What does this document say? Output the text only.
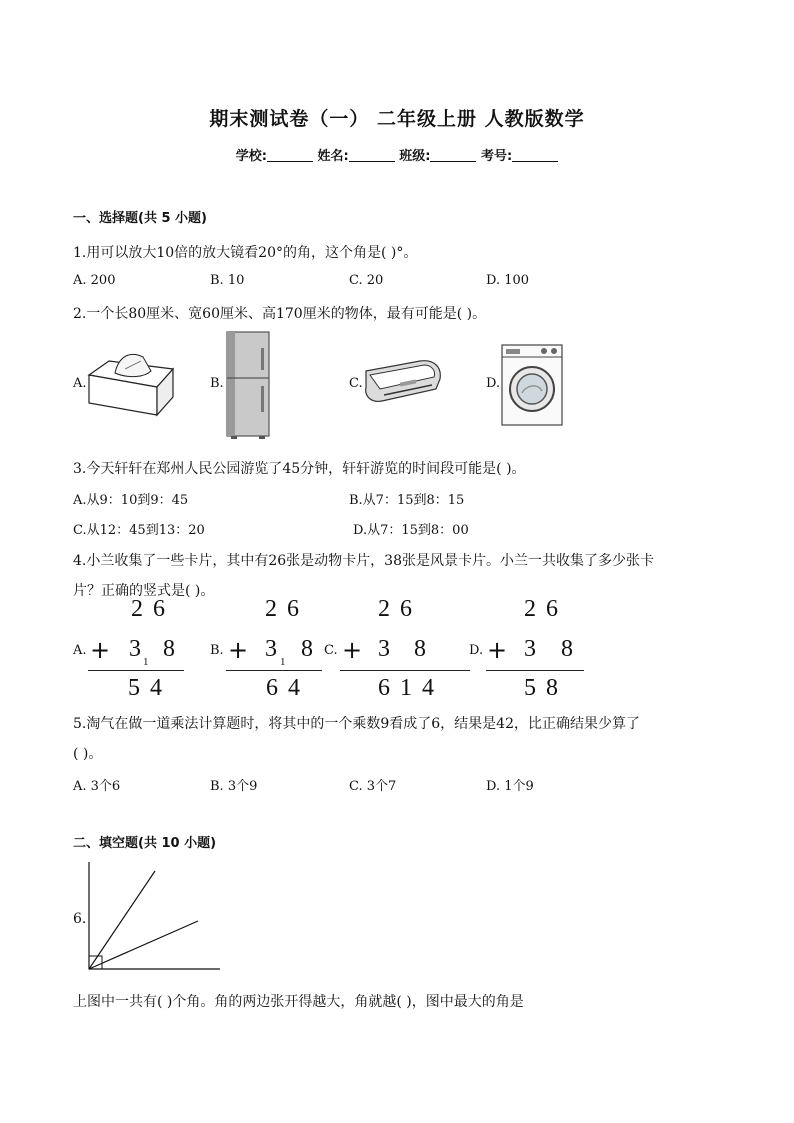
期末测试卷（一） 二年级上册 人教版数学
学校:	姓名:	班级:	考号:
一、选择题(共 5 小题)
1.用可以放大10倍的放大镜看20°的角，这个角是( )°。
A. 200	B. 10	C. 20	D. 100
2.一个长80厘米、宽60厘米、高170厘米的物体，最有可能是( )。
A.	B.	C.	D.
3.今天轩轩在郑州人民公园游览了45分钟，轩轩游览的时间段可能是( )。
A.从9：10到9：45	B.从7：15到8：15
C.从12：45到13：20	D.从7：15到8：00
4.小兰收集了一些卡片，其中有26张是动物卡片，38张是风景卡片。小兰一共收集了多少张卡
片？正确的竖式是( )。
A.
2 6
+ 3 1 8
5 4
B.
2 6
+ 3 1 8
6 4
C.
2 6
+ 3 8
6 1 4
D.
2 6
+ 3 8
5 8
5.淘气在做一道乘法计算题时，将其中的一个乘数9看成了6，结果是42，比正确结果少算了
( )。
A. 3个6	B. 3个9	C. 3个7	D. 1个9
二、填空题(共 10 小题)
6.
上图中一共有( )个角。角的两边张开得越大，角就越( )，图中最大的角是
